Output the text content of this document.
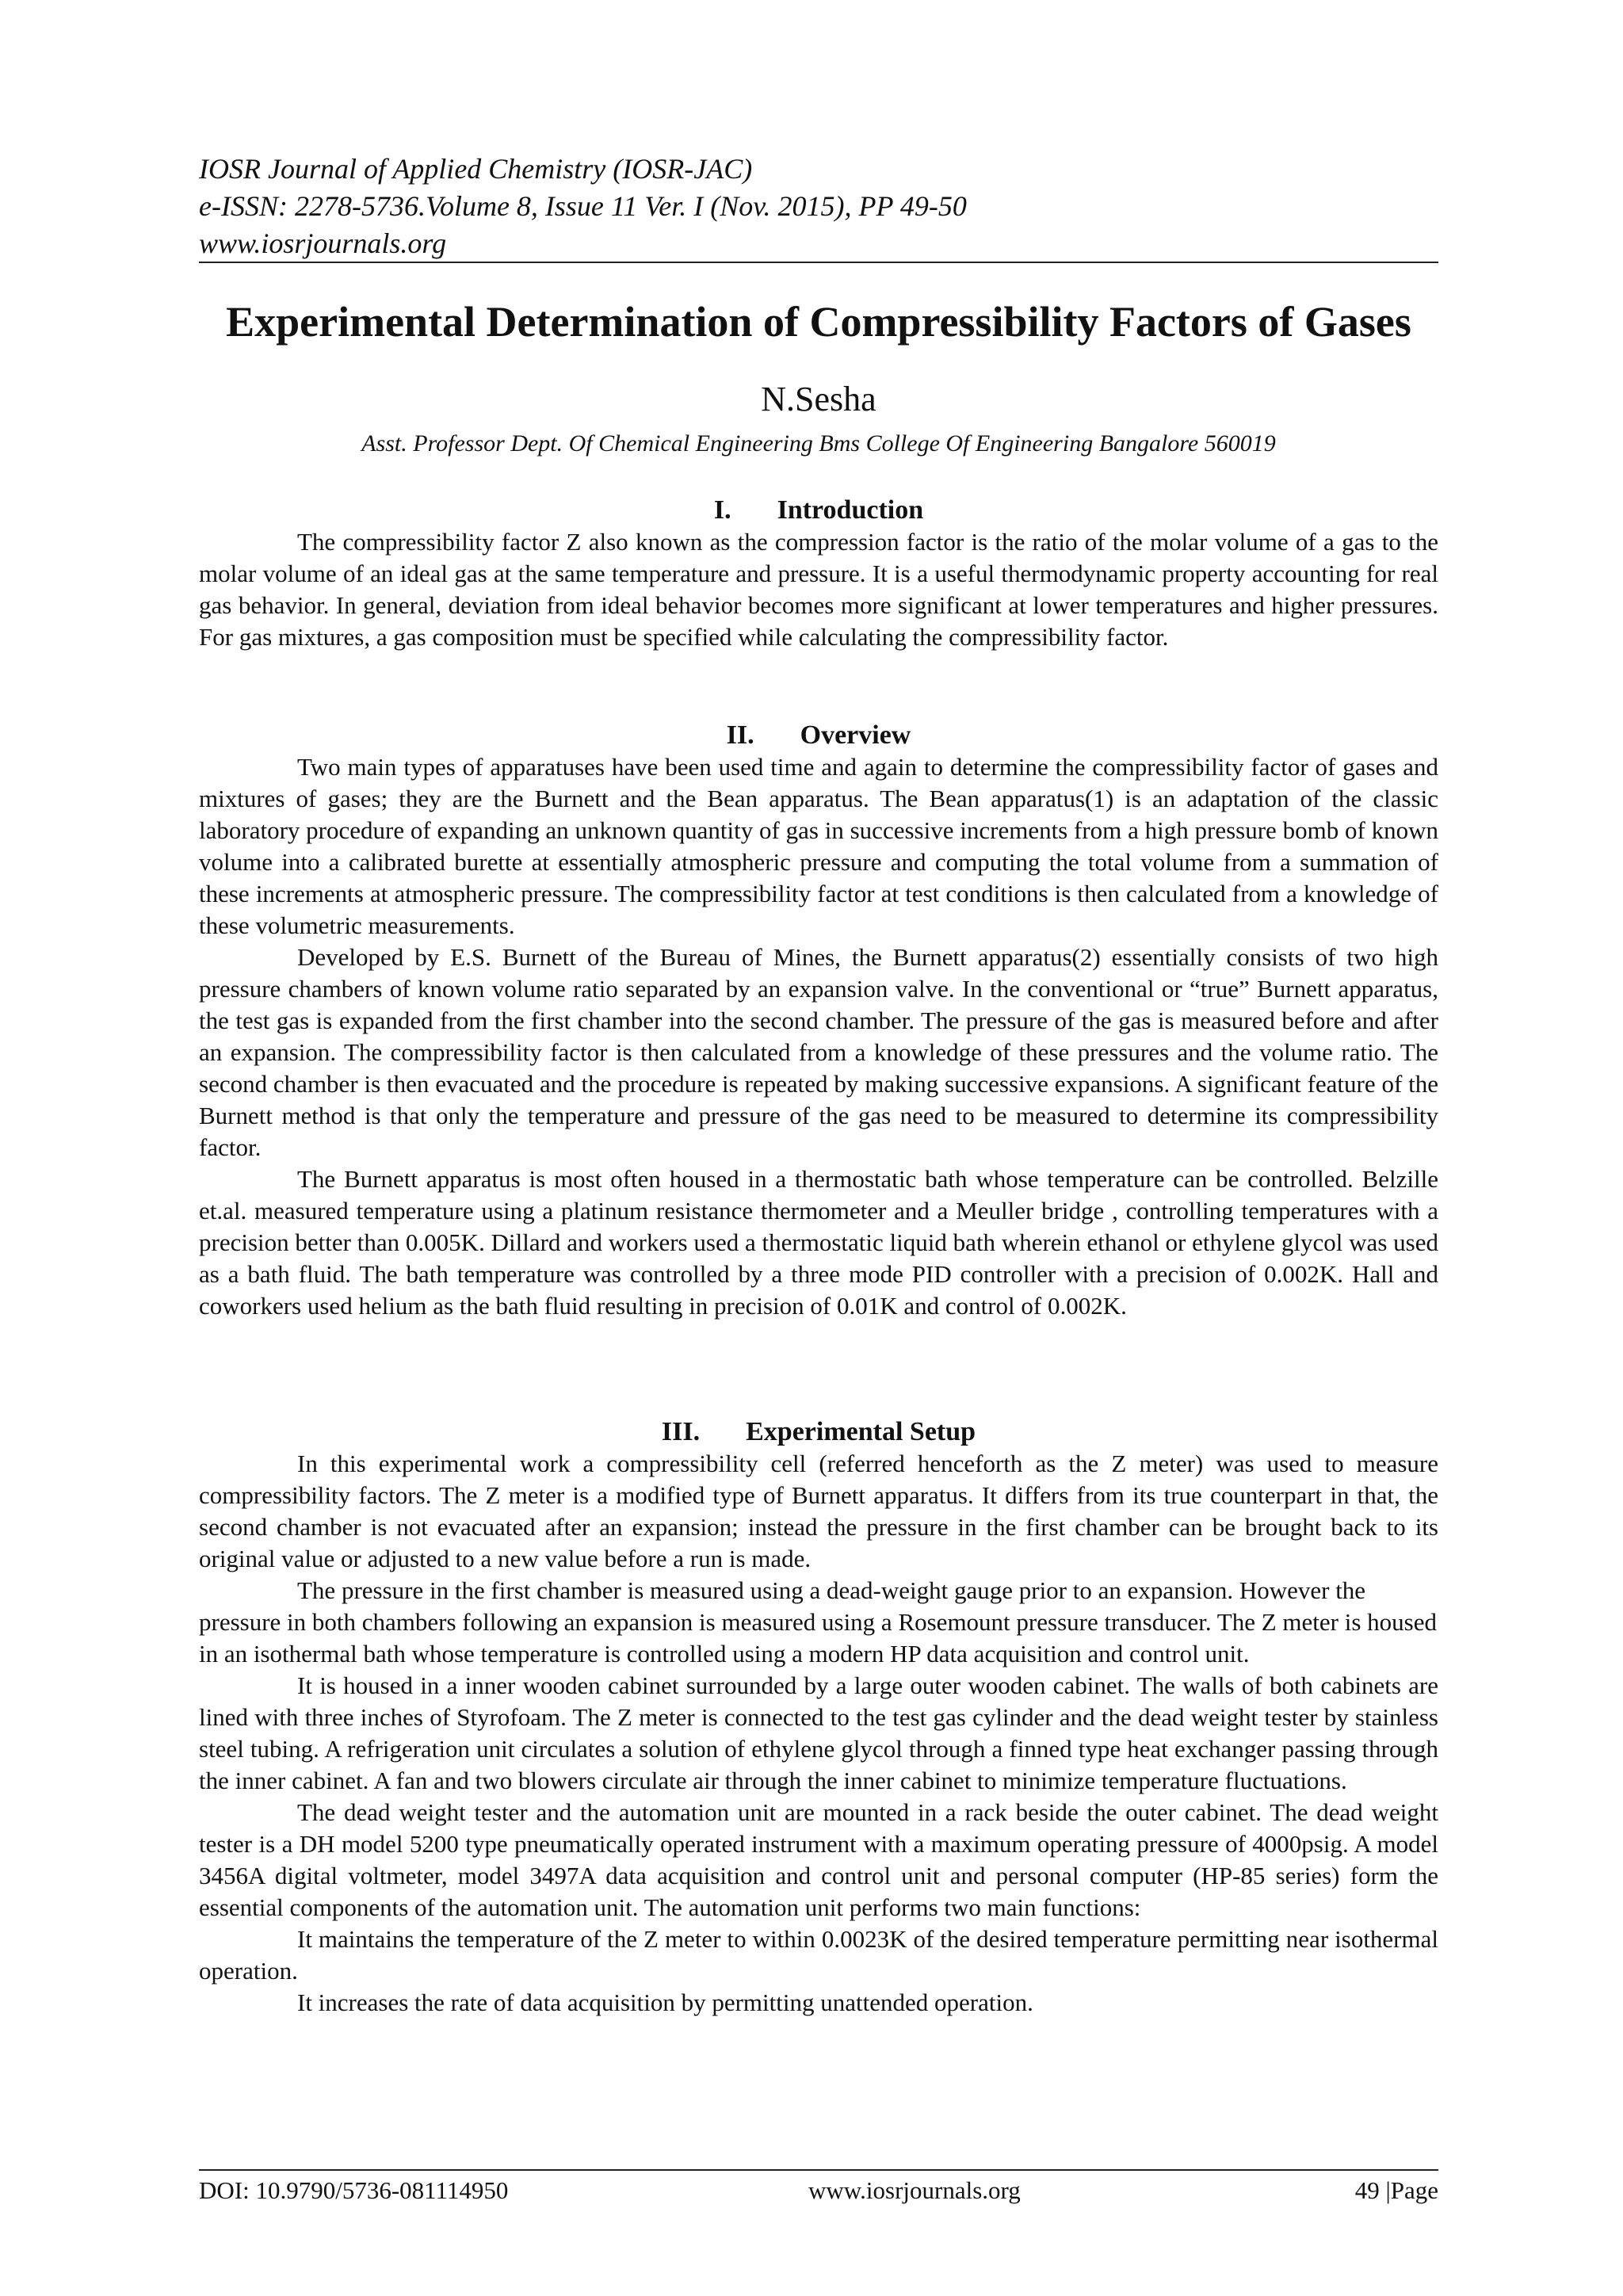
IOSR Journal of Applied Chemistry (IOSR-JAC)
e-ISSN: 2278-5736.Volume 8, Issue 11 Ver. I (Nov. 2015), PP 49-50
www.iosrjournals.org
Experimental Determination of Compressibility Factors of Gases
N.Sesha
Asst. Professor Dept. Of Chemical Engineering Bms College Of Engineering Bangalore 560019
I. Introduction

The compressibility factor Z also known as the compression factor is the ratio of the molar volume of a gas to the molar volume of an ideal gas at the same temperature and pressure. It is a useful thermodynamic property accounting for real gas behavior. In general, deviation from ideal behavior becomes more significant at lower temperatures and higher pressures. For gas mixtures, a gas composition must be specified while calculating the compressibility factor.

II. Overview

Two main types of apparatuses have been used time and again to determine the compressibility factor of gases and mixtures of gases; they are the Burnett and the Bean apparatus. The Bean apparatus(1) is an adaptation of the classic laboratory procedure of expanding an unknown quantity of gas in successive increments from a high pressure bomb of known volume into a calibrated burette at essentially atmospheric pressure and computing the total volume from a summation of these increments at atmospheric pressure. The compressibility factor at test conditions is then calculated from a knowledge of these volumetric measurements.

Developed by E.S. Burnett of the Bureau of Mines, the Burnett apparatus(2) essentially consists of two high pressure chambers of known volume ratio separated by an expansion valve. In the conventional or “true” Burnett apparatus, the test gas is expanded from the first chamber into the second chamber. The pressure of the gas is measured before and after an expansion. The compressibility factor is then calculated from a knowledge of these pressures and the volume ratio. The second chamber is then evacuated and the procedure is repeated by making successive expansions. A significant feature of the Burnett method is that only the temperature and pressure of the gas need to be measured to determine its compressibility factor.

The Burnett apparatus is most often housed in a thermostatic bath whose temperature can be controlled. Belzille et.al. measured temperature using a platinum resistance thermometer and a Meuller bridge , controlling temperatures with a precision better than 0.005K. Dillard and workers used a thermostatic liquid bath wherein ethanol or ethylene glycol was used as a bath fluid. The bath temperature was controlled by a three mode PID controller with a precision of 0.002K. Hall and coworkers used helium as the bath fluid resulting in precision of 0.01K and control of 0.002K.

III. Experimental Setup

In this experimental work a compressibility cell (referred henceforth as the Z meter) was used to measure compressibility factors. The Z meter is a modified type of Burnett apparatus. It differs from its true counterpart in that, the second chamber is not evacuated after an expansion; instead the pressure in the first chamber can be brought back to its original value or adjusted to a new value before a run is made.

The pressure in the first chamber is measured using a dead-weight gauge prior to an expansion. However the pressure in both chambers following an expansion is measured using a Rosemount pressure transducer. The Z meter is housed in an isothermal bath whose temperature is controlled using a modern HP data acquisition and control unit.

It is housed in a inner wooden cabinet surrounded by a large outer wooden cabinet. The walls of both cabinets are lined with three inches of Styrofoam. The Z meter is connected to the test gas cylinder and the dead weight tester by stainless steel tubing. A refrigeration unit circulates a solution of ethylene glycol through a finned type heat exchanger passing through the inner cabinet. A fan and two blowers circulate air through the inner cabinet to minimize temperature fluctuations.

The dead weight tester and the automation unit are mounted in a rack beside the outer cabinet. The dead weight tester is a DH model 5200 type pneumatically operated instrument with a maximum operating pressure of 4000psig. A model 3456A digital voltmeter, model 3497A data acquisition and control unit and personal computer (HP-85 series) form the essential components of the automation unit. The automation unit performs two main functions:

It maintains the temperature of the Z meter to within 0.0023K of the desired temperature permitting near isothermal operation.

It increases the rate of data acquisition by permitting unattended operation.

DOI: 10.9790/5736-081114950	www.iosrjournals.org	49 |Page
